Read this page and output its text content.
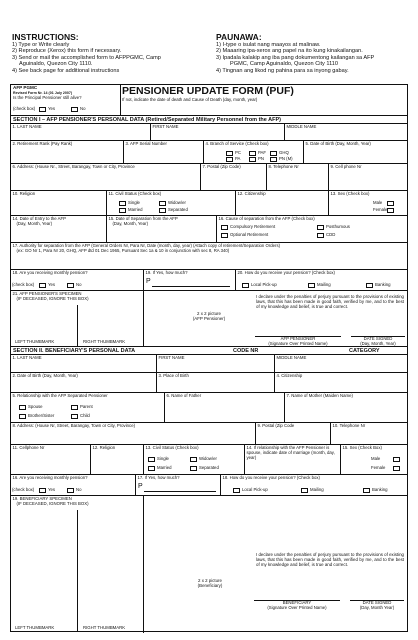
INSTRUCTIONS:
1) Type or Write clearly
2) Reproduce (Xerox) this form if necessary.
3) Send or mail the accomplished form to AFPPGMC, Camp
Aguinaldo, Quezon City 1110.
4) See back page for additional instructions
PAUNAWA:
1) I-type o isulat nang maayos at malinaw.
2) Maaaring ipa-xerox ang papel na ito kung kinakailangan.
3) Ipadala kalakip ang iba pang dokumentong kailangan sa AFP
PGMC, Camp Aguinaldo, Quezon City 1110
4) Tingnan ang likod ng pahina para sa inyong gabay.
AFP PGMC
Revised Form Nr. 14 (01 July 2007)
Is the Principal Pensioner still alive?
(check box)	Yes	No
PENSIONER UPDATE FORM (PUF)
If not, indicate the date of death and Cause of Death (day, month, year)
SECTION I – AFP PENSIONER'S PERSONAL DATA (Retired/Separated Military Personnel from the AFP)
1. LAST NAME	FIRST NAME	MIDDLE NAME
2. Retirement Rank (Pay Rank)	3. AFP Serial Number	4. Branch of Service (Check box)
PC	PAF	GHQ
PA	PN	PN (M)
5. Date of Birth (Day, Month, Year)
6. Address: (House Nr., Street, Barangay, Town or City, Province	7. Postal (Zip Code)	8. Telephone Nr	9. Cell phone Nr
10. Religion	11. Civil Status (Check box)
Single	Widow/er
Married	Separated
12. Citizenship	13. Sex (Check box)
Male
Female
14. Date of Entry to the AFP
(Day, Month, Year)
15. Date of Separation from the AFP
(Day, Month, Year)
16. Cause of separation from the AFP (Check box)
Compulsory Retirement	Posthumous
Optional Retirement	CDD
17. Authority for separation from the AFP (General Orders Nr, Para Nr, Date (month, day, year) (Attach copy of retirement/Separation Orders)
(ex: GO Nr 1, Para Nr 20, GHQ, AFP dtd 01 Dec 1965, Pursuant Sec 1a & 10 in conjunction with sec 8, RA 340)
18. Are you receiving monthly pension?
(check box)	Yes	No
19. If Yes, how much?
P
20. How do you receive your pension? (Check box)
Local Pick-up	Mailing	Banking
21. AFP PENSIONER'S SPECIMEN
(IF DECEASED, IGNORE THIS BOX)
LEFT THUMBMARK	RIGHT THUMBMARK
2 x 2 picture
(AFP Pensioner)
I declare under the penalties of perjury pursuant to the provisions of existing laws, that this has been made in good faith, verified by me, and to the best of my knowledge and belief, is true and correct.
AFP PENSIONER
(Signature Over Printed Name)
DATE SIGNED
(Day, Month, Year)
SECTION II. BENEFICIARY'S PERSONAL DATA	CODE NR	CATEGORY
1. LAST NAME	FIRST NAME	MIDDLE NAME
2. Date of Birth (Day, Month, Year)	3. Place of Birth	4. Citizenship
5. Relationship with the AFP Separated Pensioner
Spouse	Parent
Brother/Sister	Child
6. Name of Father	7. Name of Mother (Maiden Name)
8. Address: (House Nr, Street, Barangay, Town or City, Province)	9. Postal (Zip Code	10. Telephone Nr
11. Cellphone Nr	12. Religion	13. Civil Status (Check box)
Single	Widow/er
Married	Separated
14. If relationship with the AFP Pensioner is spouse, indicate date of marriage (month, day, year)
15. Sex (Check Box)
Male
Female
16. Are you receiving monthly pension?
(check box)	Yes	No
17. If Yes, how much?
P
18. How do you receive your pension? (Check box)
Local Pick-up	Mailing	Banking
19. BENEFICIARY SPECIMEN
(IF DECEASED, IGNORE THIS BOX)
LEFT THUMBMARK	RIGHT THUMBMARK
2 x 2 picture
(Beneficiary)
I declare under the penalties of perjury pursuant to the provisions of existing laws, that this has been made in good faith, verified by me, and to the best of my knowledge and belief, is true and correct.
BENEFICIARY
(Signature Over Printed Name)
DATE SIGNED
(Day, Month Year)
